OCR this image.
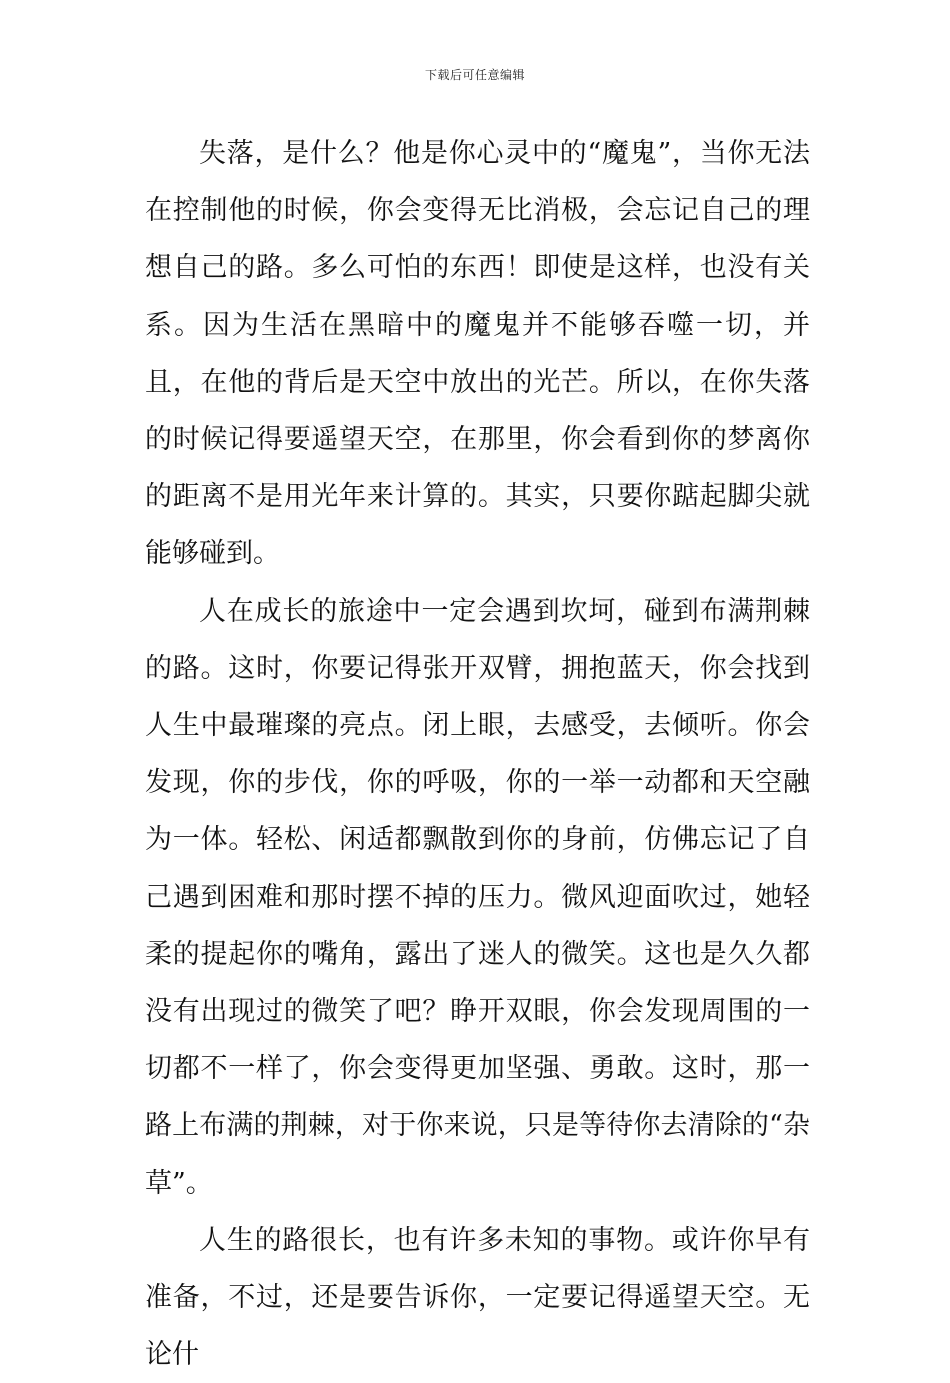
下载后可任意编辑

失落，是什么？他是你心灵中的“魔鬼”，当你无法在控制他的时候，你会变得无比消极，会忘记自己的理想自己的路。多么可怕的东西！即使是这样，也没有关系。因为生活在黑暗中的魔鬼并不能够吞噬一切，并且，在他的背后是天空中放出的光芒。所以，在你失落的时候记得要遥望天空，在那里，你会看到你的梦离你的距离不是用光年来计算的。其实，只要你踮起脚尖就能够碰到。

人在成长的旅途中一定会遇到坎坷，碰到布满荆棘的路。这时，你要记得张开双臂，拥抱蓝天，你会找到人生中最璀璨的亮点。闭上眼，去感受，去倾听。你会发现，你的步伐，你的呼吸，你的一举一动都和天空融为一体。轻松、闲适都飘散到你的身前，仿佛忘记了自己遇到困难和那时摆不掉的压力。微风迎面吹过，她轻柔的提起你的嘴角，露出了迷人的微笑。这也是久久都没有出现过的微笑了吧？睁开双眼，你会发现周围的一切都不一样了，你会变得更加坚强、勇敢。这时，那一路上布满的荆棘，对于你来说，只是等待你去清除的“杂草”。

人生的路很长，也有许多未知的事物。或许你早有准备，不过，还是要告诉你，一定要记得遥望天空。无论什
